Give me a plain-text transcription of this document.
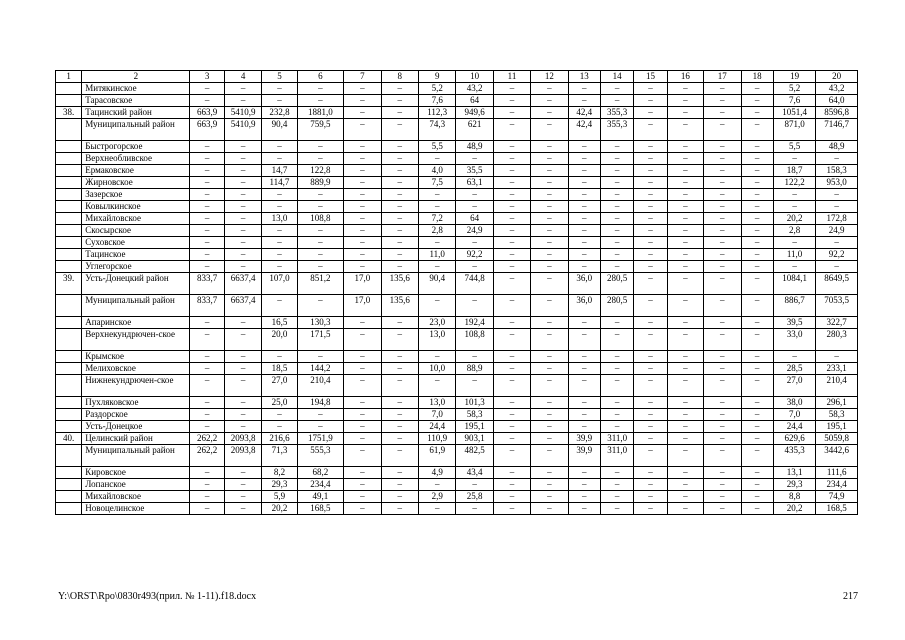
1	2	3	4	5	6	7	8	9	10	11	12	13	14	15	16	17	18	19	20
	Митякинское	–	–	–	–	–	–	5,2	43,2	–	–	–	–	–	–	–	–	5,2	43,2
	Тарасовское	–	–	–	–	–	–	7,6	64	–	–	–	–	–	–	–	–	7,6	64,0
38.	Тацинский район	663,9	5410,9	232,8	1881,0	–	–	112,3	949,6	–	–	42,4	355,3	–	–	–	–	1051,4	8596,8
	Муниципальный район	663,9	5410,9	90,4	759,5	–	–	74,3	621	–	–	42,4	355,3	–	–	–	–	871,0	7146,7
	Быстрогорское	–	–	–	–	–	–	5,5	48,9	–	–	–	–	–	–	–	–	5,5	48,9
	Верхнеобливское	–	–	–	–	–	–	–	–	–	–	–	–	–	–	–	–	–	–
	Ермаковское	–	–	14,7	122,8	–	–	4,0	35,5	–	–	–	–	–	–	–	–	18,7	158,3
	Жирновское	–	–	114,7	889,9	–	–	7,5	63,1	–	–	–	–	–	–	–	–	122,2	953,0
	Зазерское	–	–	–	–	–	–	–	–	–	–	–	–	–	–	–	–	–	–
	Ковылкинское	–	–	–	–	–	–	–	–	–	–	–	–	–	–	–	–	–	–
	Михайловское	–	–	13,0	108,8	–	–	7,2	64	–	–	–	–	–	–	–	–	20,2	172,8
	Скосырское	–	–	–	–	–	–	2,8	24,9	–	–	–	–	–	–	–	–	2,8	24,9
	Суховское	–	–	–	–	–	–	–	–	–	–	–	–	–	–	–	–	–	–
	Тацинское	–	–	–	–	–	–	11,0	92,2	–	–	–	–	–	–	–	–	11,0	92,2
	Углегорское	–	–	–	–	–	–	–	–	–	–	–	–	–	–	–	–	–	–
39.	Усть-Донецкий район	833,7	6637,4	107,0	851,2	17,0	135,6	90,4	744,8	–	–	36,0	280,5	–	–	–	–	1084,1	8649,5
	Муниципальный район	833,7	6637,4	–	–	17,0	135,6	–	–	–	–	36,0	280,5	–	–	–	–	886,7	7053,5
	Апаринское	–	–	16,5	130,3	–	–	23,0	192,4	–	–	–	–	–	–	–	–	39,5	322,7
	Верхнекундрючен-ское	–	–	20,0	171,5	–	–	13,0	108,8	–	–	–	–	–	–	–	–	33,0	280,3
	Крымское	–	–	–	–	–	–	–	–	–	–	–	–	–	–	–	–	–	–
	Мелиховское	–	–	18,5	144,2	–	–	10,0	88,9	–	–	–	–	–	–	–	–	28,5	233,1
	Нижнекундрючен-ское	–	–	27,0	210,4	–	–	–	–	–	–	–	–	–	–	–	–	27,0	210,4
	Пухляковское	–	–	25,0	194,8	–	–	13,0	101,3	–	–	–	–	–	–	–	–	38,0	296,1
	Раздорское	–	–	–	–	–	–	7,0	58,3	–	–	–	–	–	–	–	–	7,0	58,3
	Усть-Донецкое	–	–	–	–	–	–	24,4	195,1	–	–	–	–	–	–	–	–	24,4	195,1
40.	Целинский район	262,2	2093,8	216,6	1751,9	–	–	110,9	903,1	–	–	39,9	311,0	–	–	–	–	629,6	5059,8
	Муниципальный район	262,2	2093,8	71,3	555,3	–	–	61,9	482,5	–	–	39,9	311,0	–	–	–	–	435,3	3442,6
	Кировское	–	–	8,2	68,2	–	–	4,9	43,4	–	–	–	–	–	–	–	–	13,1	111,6
	Лопанское	–	–	29,3	234,4	–	–	–	–	–	–	–	–	–	–	–	–	29,3	234,4
	Михайловское	–	–	5,9	49,1	–	–	2,9	25,8	–	–	–	–	–	–	–	–	8,8	74,9
	Новоцелинское	–	–	20,2	168,5	–	–	–	–	–	–	–	–	–	–	–	–	20,2	168,5
Y:\ORST\Rpo\0830r493(прил. № 1-11).f18.docx	217
